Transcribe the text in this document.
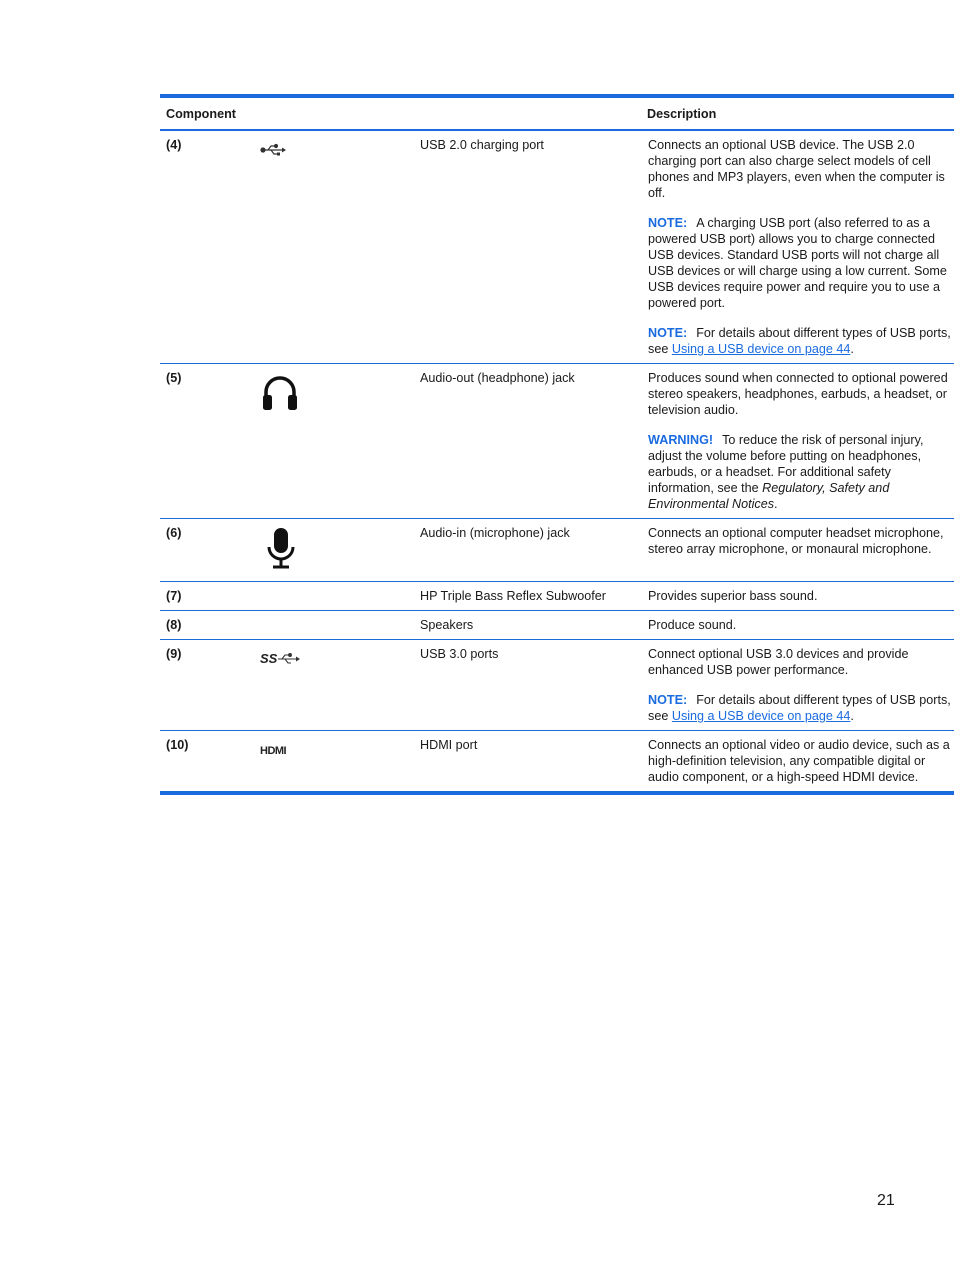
Component			Description
(4)		USB 2.0 charging port	Connects an optional USB device. The USB 2.0 charging port can also charge select models of cell phones and MP3 players, even when the computer is off.
NOTE: A charging USB port (also referred to as a powered USB port) allows you to charge connected USB devices. Standard USB ports will not charge all USB devices or will charge using a low current. Some USB devices require power and require you to use a powered port.
NOTE: For details about different types of USB ports, see Using a USB device on page 44.

(5)		Audio-out (headphone) jack	Produces sound when connected to optional powered stereo speakers, headphones, earbuds, a headset, or television audio.
WARNING! To reduce the risk of personal injury, adjust the volume before putting on headphones, earbuds, or a headset. For additional safety information, see the Regulatory, Safety and Environmental Notices.

(6)		Audio-in (microphone) jack	Connects an optional computer headset microphone, stereo array microphone, or monaural microphone.

(7)		HP Triple Bass Reflex Subwoofer	Provides superior bass sound.

(8)		Speakers	Produce sound.

(9)	SS	USB 3.0 ports	Connect optional USB 3.0 devices and provide enhanced USB power performance.
NOTE: For details about different types of USB ports, see Using a USB device on page 44.

(10)	HDMI	HDMI port	Connects an optional video or audio device, such as a high-definition television, any compatible digital or audio component, or a high-speed HDMI device.
21
